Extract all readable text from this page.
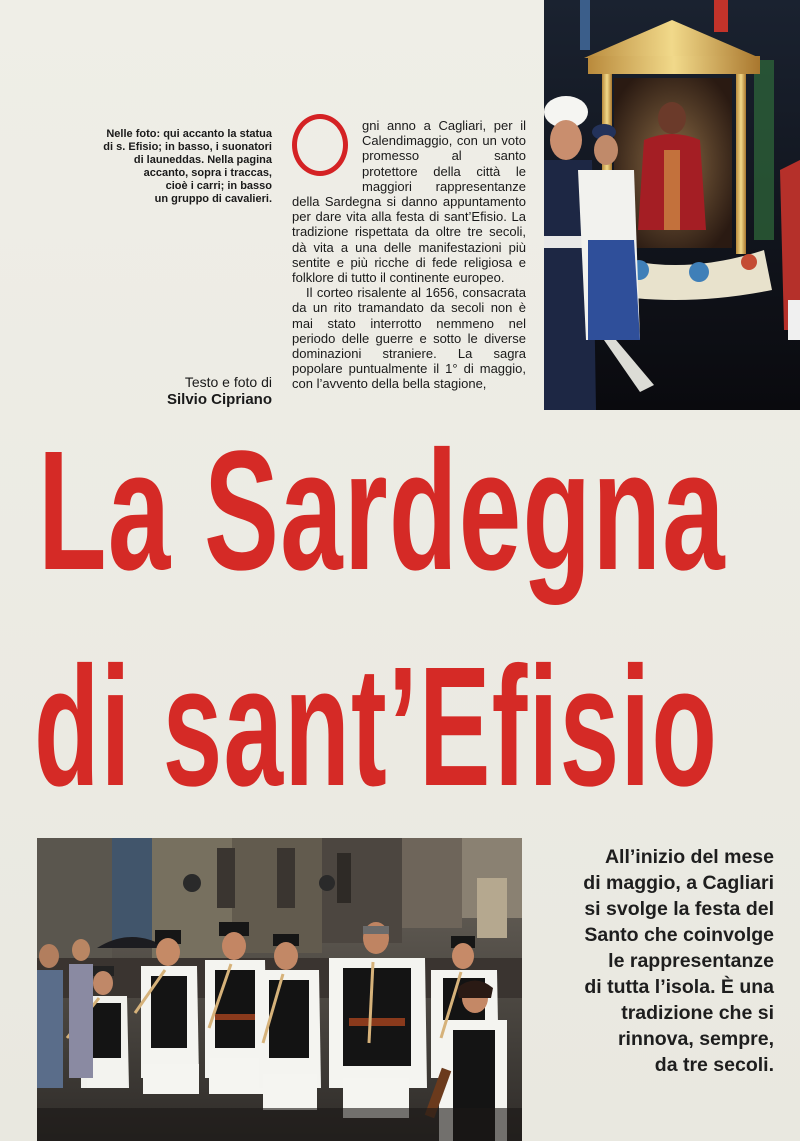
Nelle foto: qui accanto la statua
di s. Efisio; in basso, i suonatori
di launeddas. Nella pagina
accanto, sopra i traccas,
cioè i carri; in basso
un gruppo di cavalieri.
Testo e foto di
Silvio Cipriano

gni anno a Cagliari, per il Calendimaggio, con un voto promesso al santo protettore della città le maggiori rappresentanze della Sardegna si danno appuntamento per dare vita alla festa di sant’Efisio. La tradizione rispettata da oltre tre secoli, dà vita a una delle manifestazioni più sentite e più ricche di fede religiosa e folklore di tutto il continente europeo.

Il corteo risalente al 1656, consacrata da un rito tramandato da secoli non è mai stato interrotto nemmeno nel periodo delle guerre e sotto le diverse dominazioni straniere. La sagra popolare puntualmente il 1° di maggio, con l’avvento della bella stagione,

La Sardegna
di sant’Efisio
All’inizio del mese
di maggio, a Cagliari
si svolge la festa del
Santo che coinvolge
le rappresentanze
di tutta l’isola. È una
tradizione che si
rinnova, sempre,
da tre secoli.
